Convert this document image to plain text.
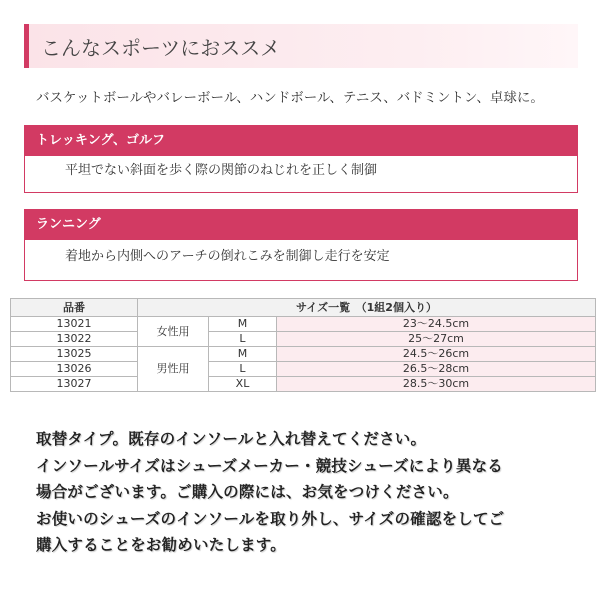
こんなスポーツにおススメ
バスケットボールやバレーボール、ハンドボール、テニス、バドミントン、卓球に。
トレッキング、ゴルフ
平坦でない斜面を歩く際の関節のねじれを正しく制御
ランニング
着地から内側へのアーチの倒れこみを制御し走行を安定
品番	サイズ一覧　（1組2個入り）		
13021	女性用	M	23～24.5cm
13022		L	25～27cm
13025	男性用	M	24.5～26cm
13026		L	26.5～28cm
13027		XL	28.5～30cm
取替タイプ。既存のインソールと入れ替えてください。
インソールサイズはシューズメーカー・競技シューズにより異なる
場合がございます。ご購入の際には、お気をつけください。
お使いのシューズのインソールを取り外し、サイズの確認をしてご
購入することをお勧めいたします。
